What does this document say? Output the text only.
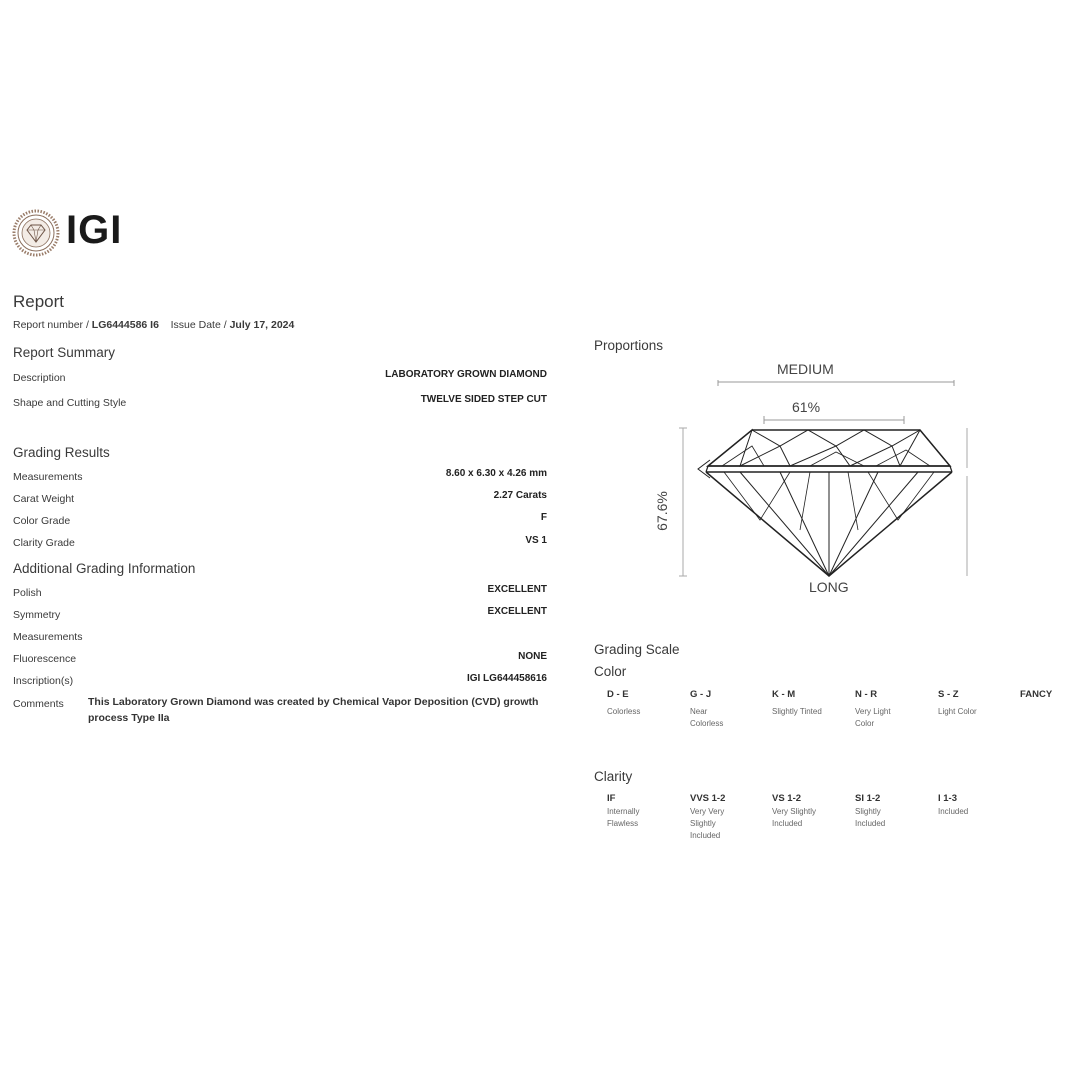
IGI
Report
Report number / LG6444586 I6 Issue Date / July 17, 2024
Report Summary
Description	LABORATORY GROWN DIAMOND
Shape and Cutting Style	TWELVE SIDED STEP CUT
Grading Results
Measurements	8.60 x 6.30 x 4.26 mm
Carat Weight	2.27 Carats
Color Grade	F
Clarity Grade	VS 1
Additional Grading Information
Polish	EXCELLENT
Symmetry	EXCELLENT
Measurements
Fluorescence	NONE
Inscription(s)	IGI LG644458616
Comments This Laboratory Grown Diamond was created by Chemical Vapor Deposition (CVD) growth process Type IIa
Proportions
MEDIUM
61%
67.6%
LONG
Grading Scale
Color
D - E
Colorless
G - J
Near Colorless
K - M
Slightly Tinted
N - R
Very Light Color
S - Z
Light Color
FANCY
Clarity
IF
Internally Flawless
VVS 1-2
Very Very Slightly Included
VS 1-2
Very Slightly Included
SI 1-2
Slightly Included
I 1-3
Included
